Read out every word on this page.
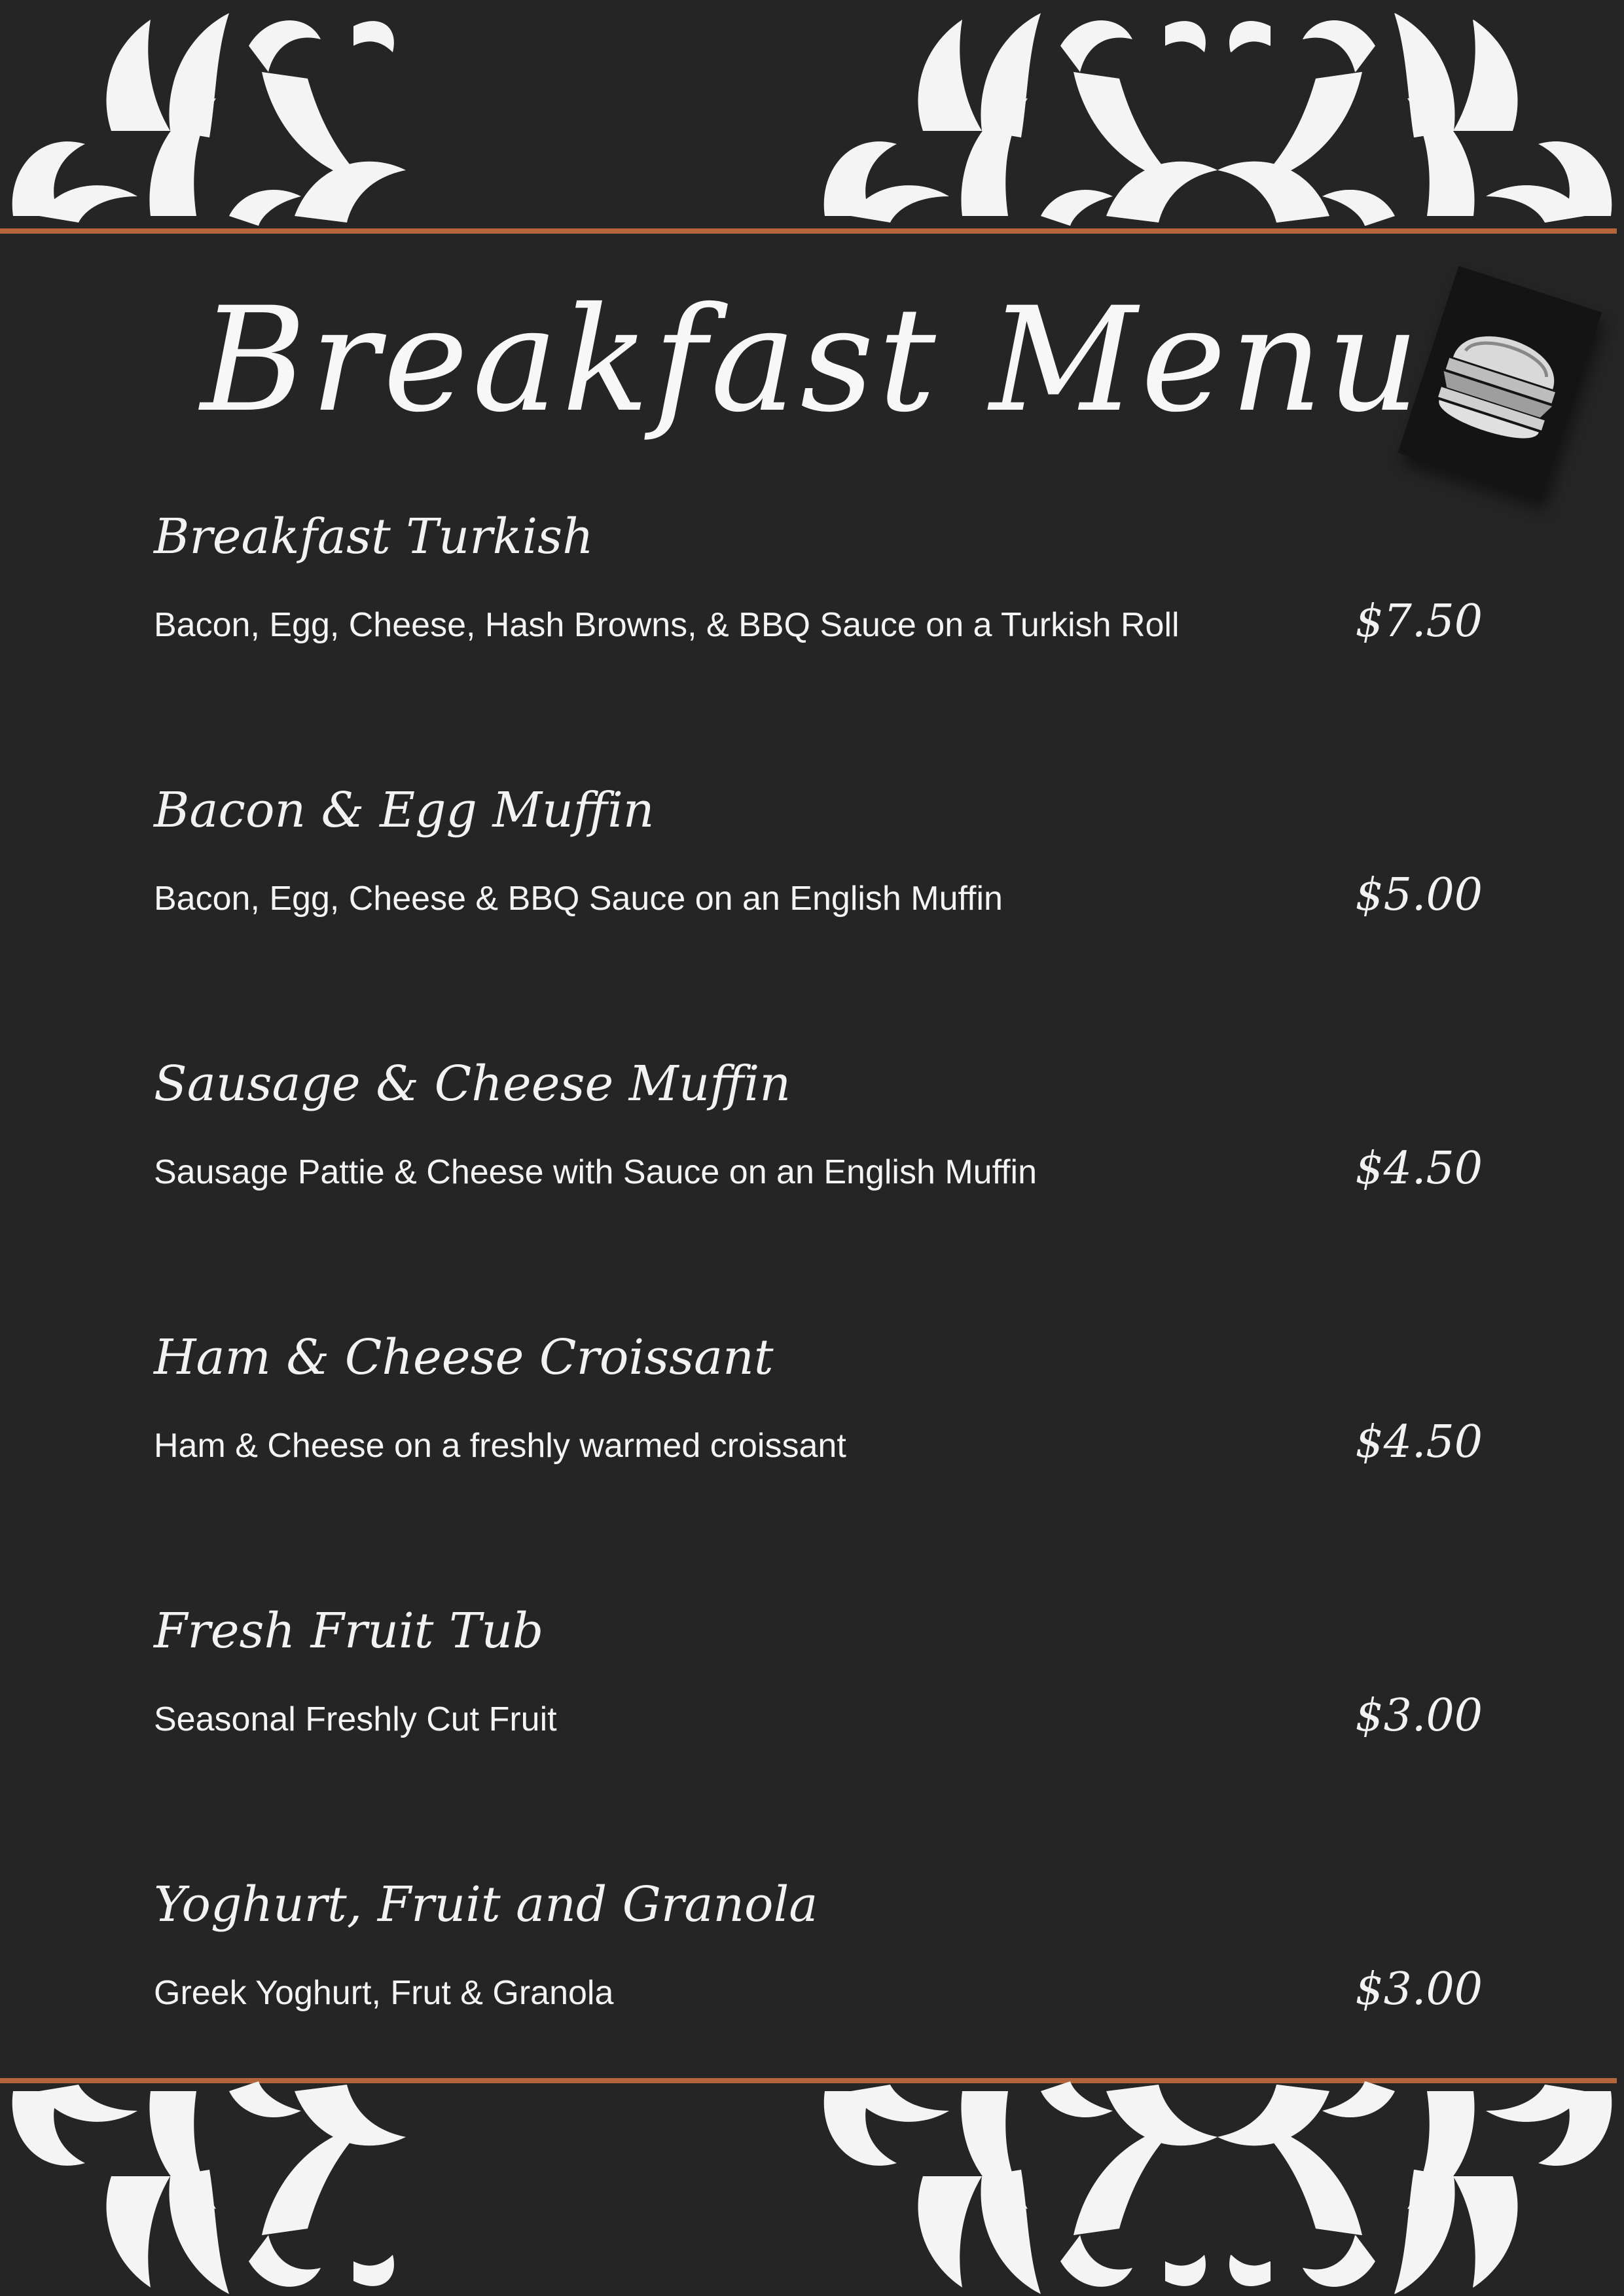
Breakfast Menu
Breakfast Turkish
Bacon, Egg, Cheese, Hash Browns, & BBQ Sauce on a Turkish Roll	$7.50
Bacon & Egg Muffin
Bacon, Egg, Cheese & BBQ Sauce on an English Muffin	$5.00
Sausage & Cheese Muffin
Sausage Pattie & Cheese with Sauce on an English Muffin	$4.50
Ham & Cheese Croissant
Ham & Cheese on a freshly warmed croissant	$4.50
Fresh Fruit Tub
Seasonal Freshly Cut Fruit	$3.00
Yoghurt, Fruit and Granola
Greek Yoghurt, Frut & Granola	$3.00
